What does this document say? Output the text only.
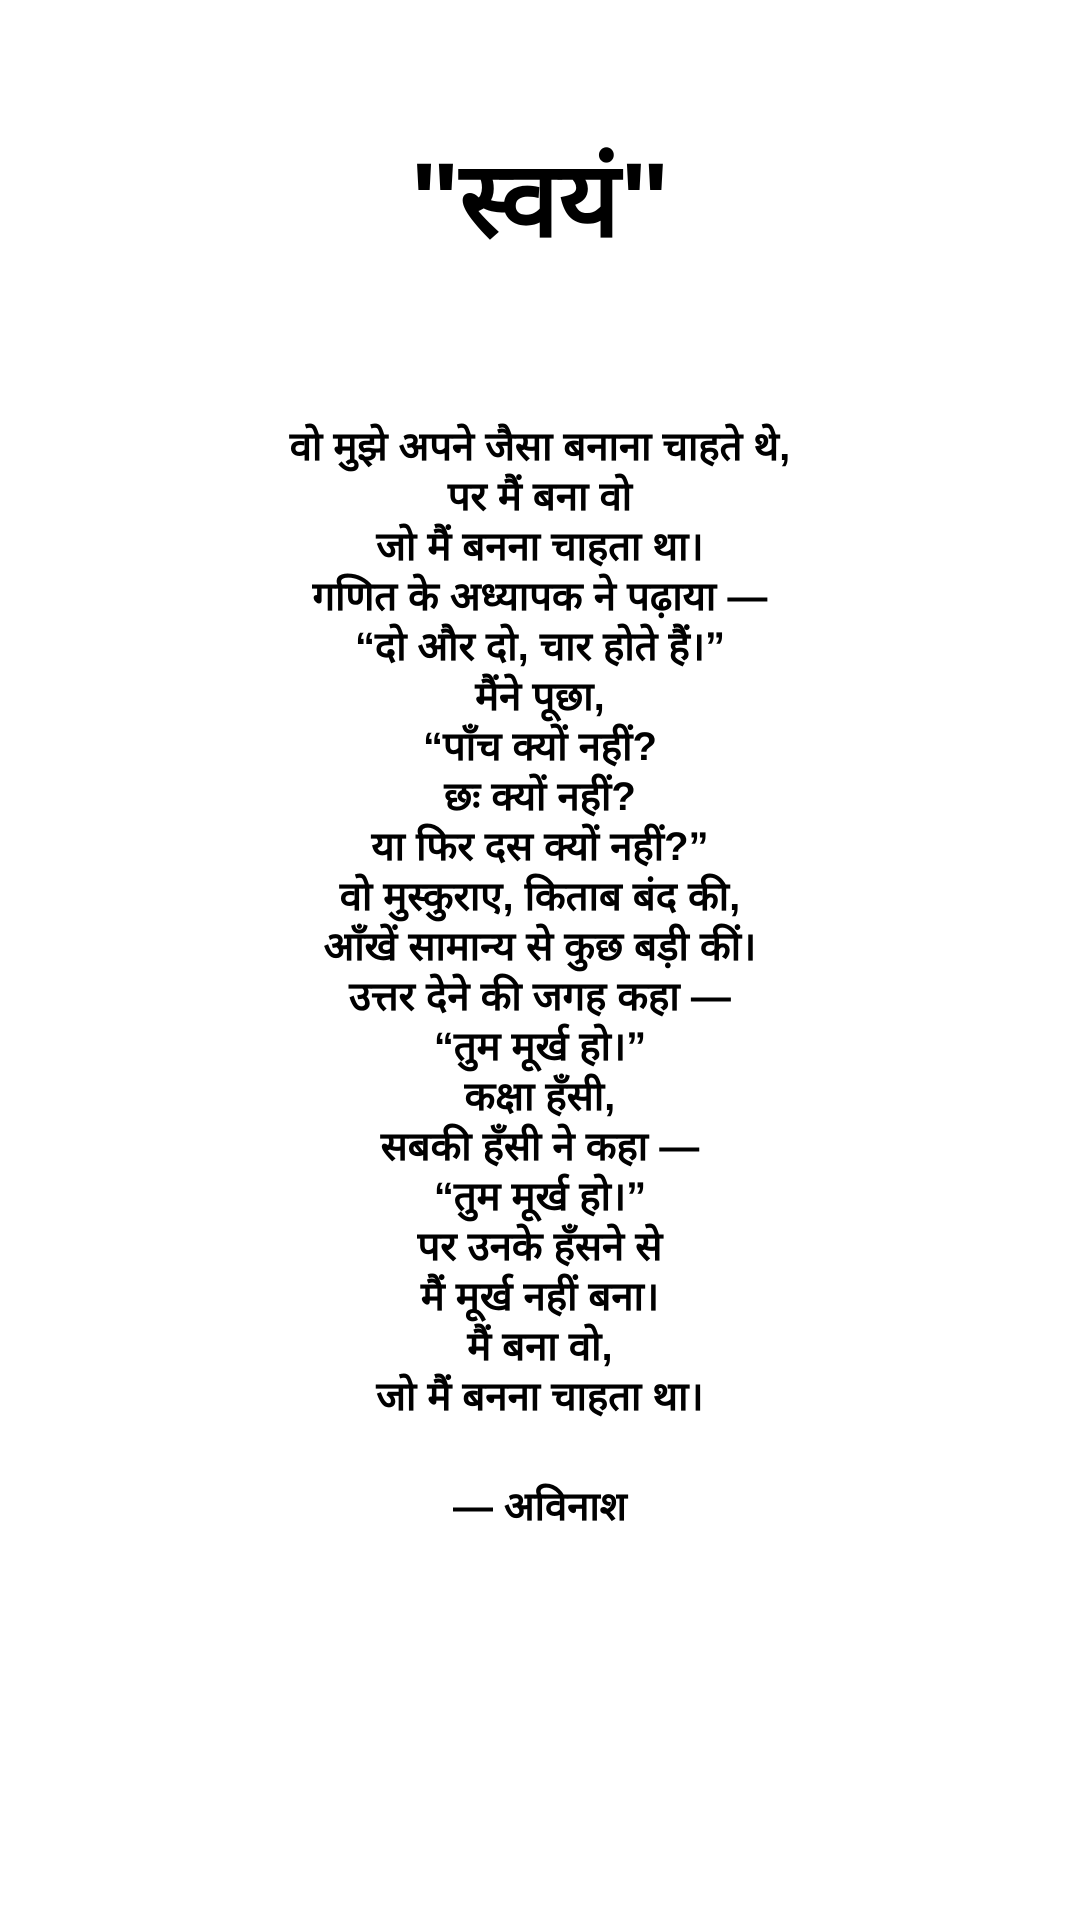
"स्वयं"
वो मुझे अपने जैसा बनाना चाहते थे,
पर मैं बना वो
जो मैं बनना चाहता था।
गणित के अध्यापक ने पढ़ाया —
“दो और दो, चार होते हैं।”
मैंने पूछा,
“पाँच क्यों नहीं?
छः क्यों नहीं?
या फिर दस क्यों नहीं?”
वो मुस्कुराए, किताब बंद की,
आँखें सामान्य से कुछ बड़ी कीं।
उत्तर देने की जगह कहा —
“तुम मूर्ख हो।”
कक्षा हँसी,
सबकी हँसी ने कहा —
“तुम मूर्ख हो।”
पर उनके हँसने से
मैं मूर्ख नहीं बना।
मैं बना वो,
जो मैं बनना चाहता था।
— अविनाश
